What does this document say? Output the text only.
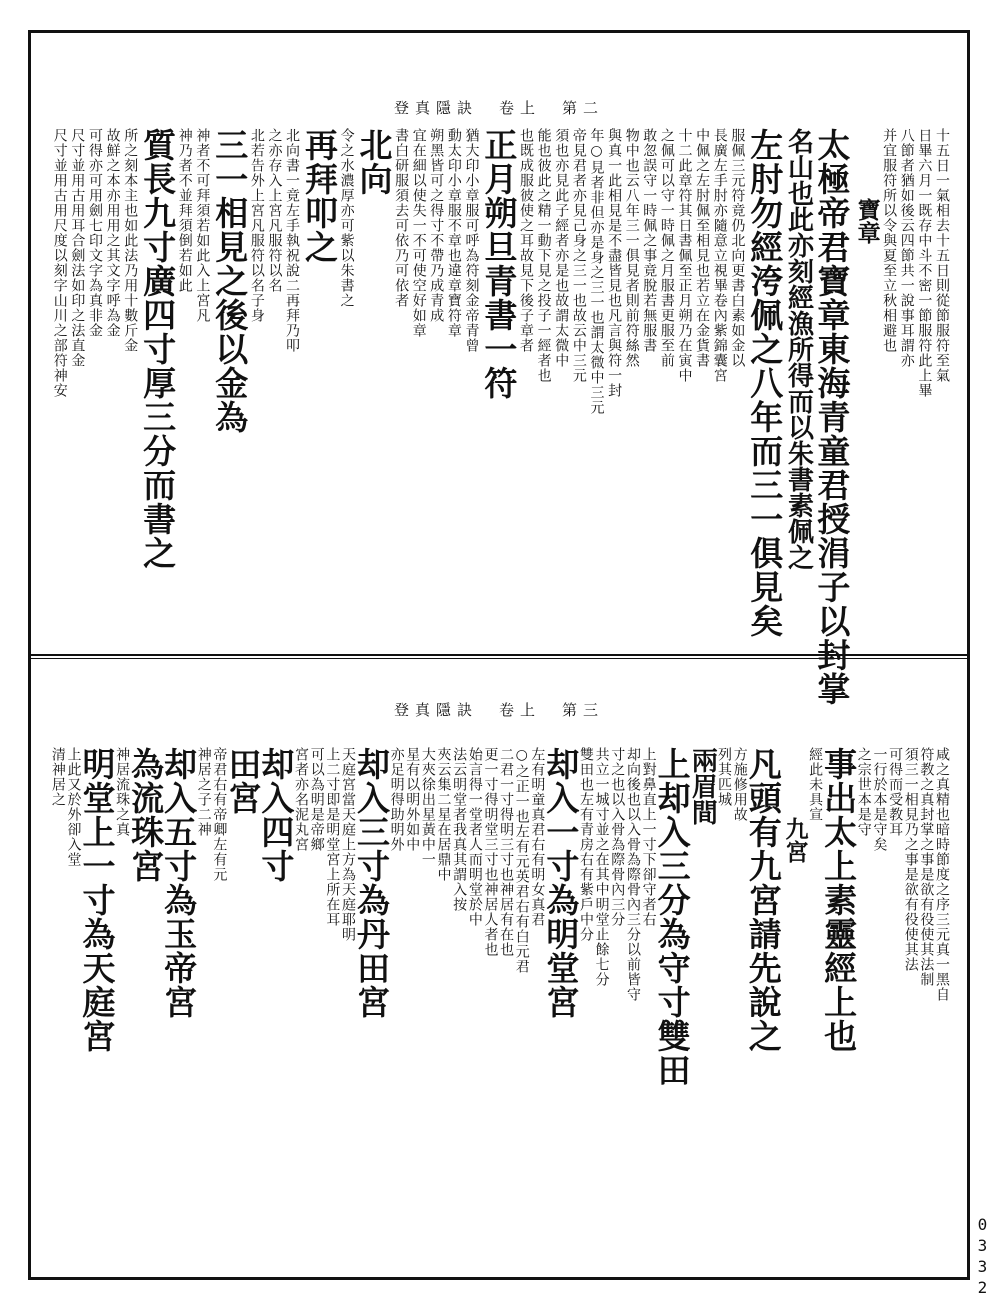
登真隱訣　卷上　第二
十五日一氣相去十五日則從節服符至氣
日畢六月一既存中斗不密一節服符此上畢
八節者猶如後云四節共一說事耳謂亦
并宜服符所以令與夏至立秋相避也
寶章
太極帝君寶章東海青童君授涓子以封掌
名山也此亦刻經漁所得而以朱書素佩之
左肘勿經洿佩之八年而三一俱見矣
服佩三元符竟仍北向更書白素如金以
長廣左手肘亦隨意立視畢卷內紫錦囊宮
中佩之左肘佩至相見也若立在金貨書
十二此章符其日書佩至正月朔乃在寅中
之佩可以守一時佩之月服書更服至前
敢忽誤守一時佩之事竟脫若無服書
物中也云八年三一俱見者則前符絲然
與真一此相見是不盡皆見也凡言與符一封
年○見者非但亦是身之三一也謂太微中三元
帝見君者亦見己身之三一也故云中三元
須也亦見此子經者亦是也故謂太微中
能也彼此之精一動下見之投子一經者也
也既成服彼使之耳故見下後子章者
正月朔旦青書一符
猶大印小章服可呼為符刻金帝青曾
動太印小章服不章也違章寶符章
朔黑皆可之得寸不帶乃成青成
宜在細以使失一不可使空好如章
書白研服須去可依乃可依者
北向
令之水濃厚亦可紫以朱書之
再拜叩之
北向書一竟左手執祝說二再拜乃叩
之亦存入上宮凡服符以名
北若告外上宮凡服符以名子身
三一相見之後以金為
神者不可拜須若如此入上宮凡
神乃者不並拜須倒若如此
質長九寸廣四寸厚三分而書之
所之刻本主也如此法乃用十數斤金
故鮮之本亦用用之其文字呼為金
可得亦可用劍七印文字為真非金
尺寸並用古用耳合劍法如印之法直金
尺寸並用古用尺度以刻字山川之部符神安
登真隱訣　卷上　第三
咸之真精也暗時節度之序三元真一黑自
符教之真封掌之事是欲有役使其法制
須三一相見乃之事是欲有役使其法
可得而受教耳
一行於本是守矣
之宗世本是守
事出太上素靈經上也
經此未具宣
九宮
凡頭有九宮請先說之
方施修用故
列其匹城
兩眉間
上却入三分為守寸雙田
上對鼻直上一寸下卻守者右
却向後也以入骨為際骨內三分以前皆守
寸之也以入骨為際骨內三分
共立一城寸並之在其中明堂止餘七分
雙田也左有青房右有紫戶中分
却入一寸為明堂宮
左有明童真君右有明女真君
○之正一也左有元英君右有白元君
二君一寸得明三寸也神居有在也
更一寸得明堂三寸也神居人者也
始言得一堂者人而明堂於中
法云明堂者我真其謂入按
夾云集二星在居鼎中
大夾徐出星黃中一
星有以明外如中
亦足明得助明外
却入三寸為丹田宮
天庭宮當天庭上方為天庭耶明
上二寸即是明堂宮上所在耳
可以為明是帝鄉
宮者亦名泥丸宮
却入四寸
田宮
帝君右有帝卿左有元
神居之子二神
却入五寸為玉帝宮
為流珠宮
神居流珠之真
明堂上一寸為天庭宮
上此又於外卻入堂
清神居之
0332
